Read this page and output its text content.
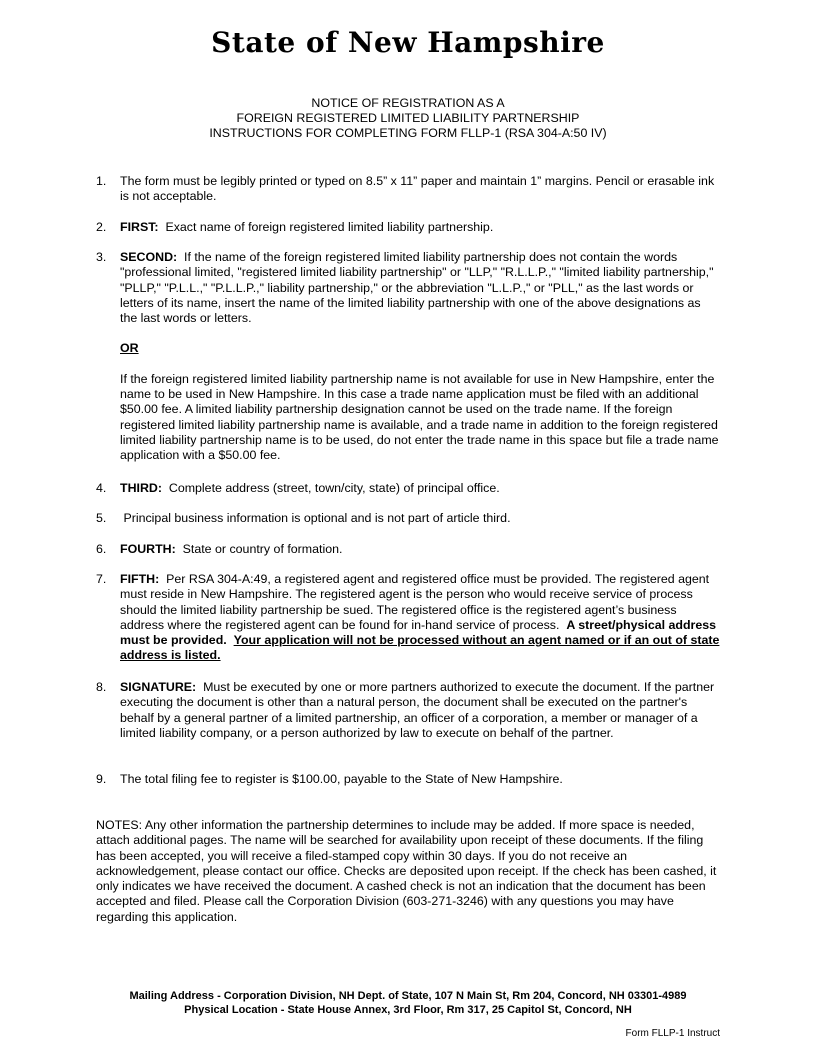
State of New Hampshire
NOTICE OF REGISTRATION AS A
FOREIGN REGISTERED LIMITED LIABILITY PARTNERSHIP
INSTRUCTIONS FOR COMPLETING FORM FLLP-1 (RSA 304-A:50 IV)
1. The form must be legibly printed or typed on 8.5” x 11” paper and maintain 1” margins. Pencil or erasable ink is not acceptable.
2. FIRST: Exact name of foreign registered limited liability partnership.
3. SECOND: If the name of the foreign registered limited liability partnership does not contain the words "professional limited, "registered limited liability partnership" or "LLP," "R.L.L.P.," "limited liability partnership," "PLLP," "P.L.L.," "P.L.L.P.," liability partnership," or the abbreviation "L.L.P.," or "PLL," as the last words or letters of its name, insert the name of the limited liability partnership with one of the above designations as the last words or letters.

OR

If the foreign registered limited liability partnership name is not available for use in New Hampshire, enter the name to be used in New Hampshire. In this case a trade name application must be filed with an additional $50.00 fee. A limited liability partnership designation cannot be used on the trade name. If the foreign registered limited liability partnership name is available, and a trade name in addition to the foreign registered limited liability partnership name is to be used, do not enter the trade name in this space but file a trade name application with a $50.00 fee.

4. THIRD: Complete address (street, town/city, state) of principal office.
5. Principal business information is optional and is not part of article third.
6. FOURTH: State or country of formation.
7. FIFTH: Per RSA 304-A:49, a registered agent and registered office must be provided. The registered agent must reside in New Hampshire. The registered agent is the person who would receive service of process should the limited liability partnership be sued. The registered office is the registered agent’s business address where the registered agent can be found for in-hand service of process. A street/physical address must be provided. Your application will not be processed without an agent named or if an out of state address is listed.
8. SIGNATURE: Must be executed by one or more partners authorized to execute the document. If the partner executing the document is other than a natural person, the document shall be executed on the partner's behalf by a general partner of a limited partnership, an officer of a corporation, a member or manager of a limited liability company, or a person authorized by law to execute on behalf of the partner.
9. The total filing fee to register is $100.00, payable to the State of New Hampshire.
NOTES: Any other information the partnership determines to include may be added. If more space is needed, attach additional pages. The name will be searched for availability upon receipt of these documents. If the filing has been accepted, you will receive a filed-stamped copy within 30 days. If you do not receive an acknowledgement, please contact our office. Checks are deposited upon receipt. If the check has been cashed, it only indicates we have received the document. A cashed check is not an indication that the document has been accepted and filed. Please call the Corporation Division (603-271-3246) with any questions you may have regarding this application.
Mailing Address - Corporation Division, NH Dept. of State, 107 N Main St, Rm 204, Concord, NH 03301-4989
Physical Location - State House Annex, 3rd Floor, Rm 317, 25 Capitol St, Concord, NH
Form FLLP-1 Instruct
